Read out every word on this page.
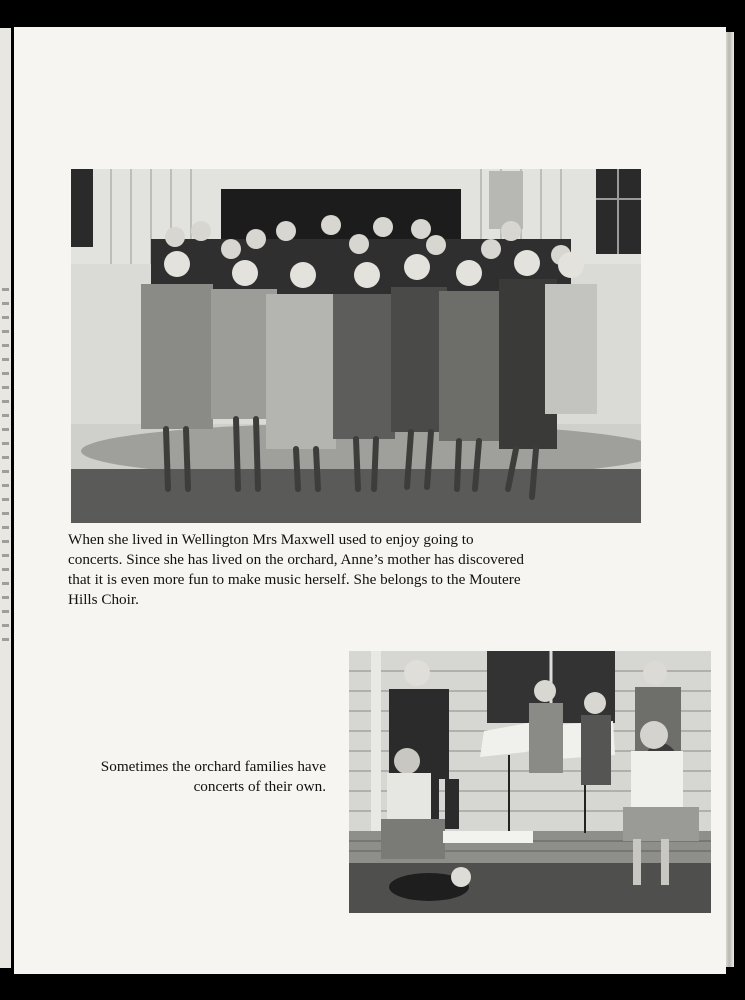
When she lived in Wellington Mrs Maxwell used to enjoy going to concerts. Since she has lived on the orchard, Anne’s mother has discovered that it is even more fun to make music herself. She belongs to the Moutere Hills Choir.

Sometimes the orchard families have concerts of their own.
